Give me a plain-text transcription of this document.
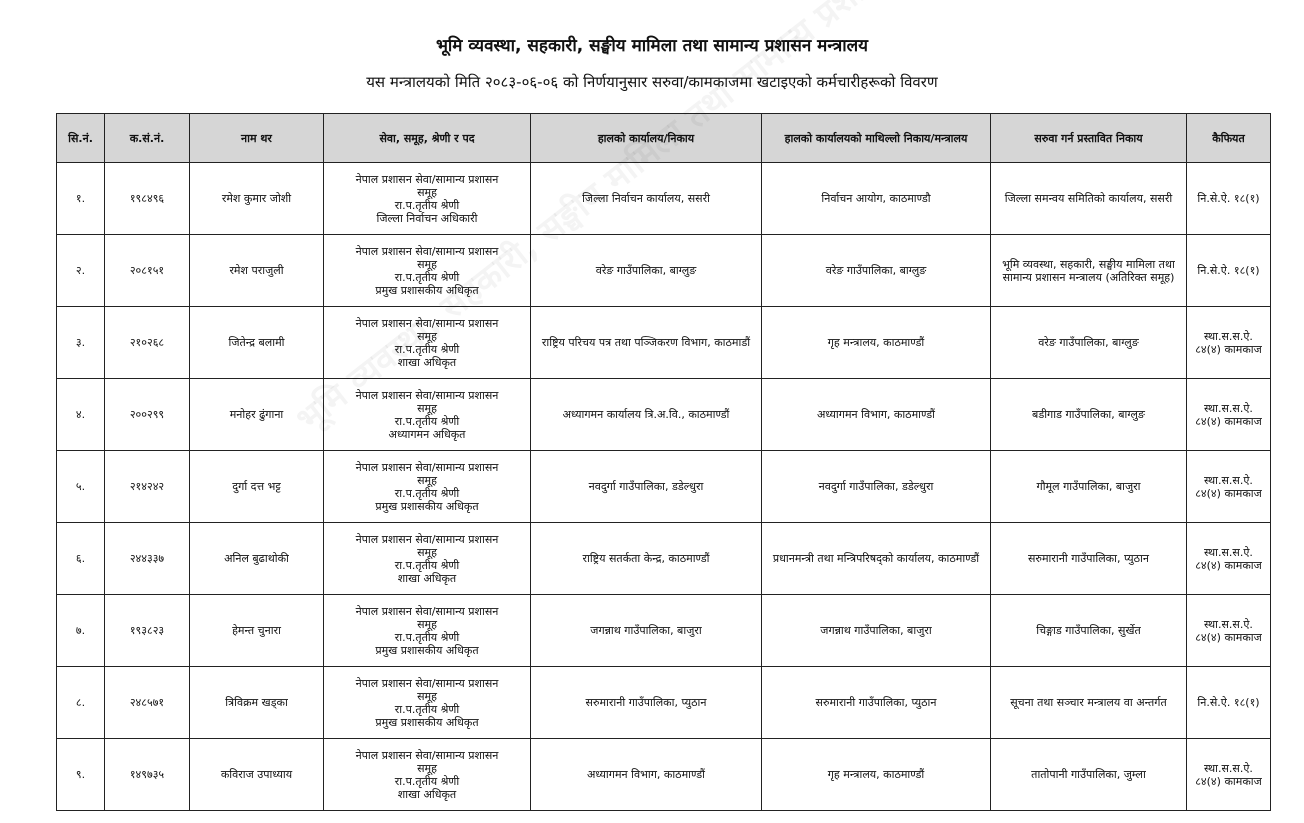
भूमि व्यवस्था, सहकारी, सङ्घीय मामिला तथा सामान्य प्रशासन मन्त्रालय
यस मन्त्रालयको मिति २०८३-०६-०६ को निर्णयानुसार सरुवा/कामकाजमा खटाइएको कर्मचारीहरूको विवरण
सि.नं.	क.सं.नं.	नाम थर	सेवा, समूह, श्रेणी र पद	हालको कार्यालय/निकाय	हालको कार्यालयको माथिल्लो निकाय/मन्त्रालय	सरुवा गर्न प्रस्तावित निकाय	कैफियत
१.	१९८४९६	रमेश कुमार जोशी	नेपाल प्रशासन सेवा/सामान्य प्रशासन
समूह
रा.प.तृतीय श्रेणी
जिल्ला निर्वाचन अधिकारी	जिल्ला निर्वाचन कार्यालय, ससरी	निर्वाचन आयोग, काठमाण्डौ	जिल्ला समन्वय समितिको कार्यालय, ससरी	नि.से.ऐ. १८(१)
२.	२०८१५१	रमेश पराजुली	नेपाल प्रशासन सेवा/सामान्य प्रशासन
समूह
रा.प.तृतीय श्रेणी
प्रमुख प्रशासकीय अधिकृत	वरेङ गाउँपालिका, बाग्लुङ	वरेङ गाउँपालिका, बाग्लुङ	भूमि व्यवस्था, सहकारी, सङ्घीय मामिला तथा सामान्य प्रशासन मन्त्रालय (अतिरिक्त समूह)	नि.से.ऐ. १८(१)
३.	२१०२६८	जितेन्द्र बलामी	नेपाल प्रशासन सेवा/सामान्य प्रशासन
समूह
रा.प.तृतीय श्रेणी
शाखा अधिकृत	राष्ट्रिय परिचय पत्र तथा पञ्जिकरण विभाग, काठमाडौं	गृह मन्त्रालय, काठमाण्डौं	वरेङ गाउँपालिका, बाग्लुङ	स्था.स.स.ऐ. ८४(४) कामकाज
४.	२००२९९	मनोहर ढुंगाना	नेपाल प्रशासन सेवा/सामान्य प्रशासन
समूह
रा.प.तृतीय श्रेणी
अध्यागमन अधिकृत	अध्यागमन कार्यालय त्रि.अ.वि., काठमाण्डौं	अध्यागमन विभाग, काठमाण्डौं	बडीगाड गाउँपालिका, बाग्लुङ	स्था.स.स.ऐ. ८४(४) कामकाज
५.	२१४२४२	दुर्गा दत्त भट्ट	नेपाल प्रशासन सेवा/सामान्य प्रशासन
समूह
रा.प.तृतीय श्रेणी
प्रमुख प्रशासकीय अधिकृत	नवदुर्गा गाउँपालिका, डडेल्धुरा	नवदुर्गा गाउँपालिका, डडेल्धुरा	गौमूल गाउँपालिका, बाजुरा	स्था.स.स.ऐ. ८४(४) कामकाज
६.	२४४३३७	अनिल बुढाथोकी	नेपाल प्रशासन सेवा/सामान्य प्रशासन
समूह
रा.प.तृतीय श्रेणी
शाखा अधिकृत	राष्ट्रिय सतर्कता केन्द्र, काठमाण्डौं	प्रधानमन्त्री तथा मन्त्रिपरिषद्को कार्यालय, काठमाण्डौं	सरुमारानी गाउँपालिका, प्युठान	स्था.स.स.ऐ. ८४(४) कामकाज
७.	१९३८२३	हेमन्त चुनारा	नेपाल प्रशासन सेवा/सामान्य प्रशासन
समूह
रा.प.तृतीय श्रेणी
प्रमुख प्रशासकीय अधिकृत	जगन्नाथ गाउँपालिका, बाजुरा	जगन्नाथ गाउँपालिका, बाजुरा	चिङ्गाड गाउँपालिका, सुर्खेत	स्था.स.स.ऐ. ८४(४) कामकाज
८.	२४८५७१	त्रिविक्रम खड्का	नेपाल प्रशासन सेवा/सामान्य प्रशासन
समूह
रा.प.तृतीय श्रेणी
प्रमुख प्रशासकीय अधिकृत	सरुमारानी गाउँपालिका, प्युठान	सरुमारानी गाउँपालिका, प्युठान	सूचना तथा सञ्चार मन्त्रालय वा अन्तर्गत	नि.से.ऐ. १८(१)
९.	१४९७३५	कविराज उपाध्याय	नेपाल प्रशासन सेवा/सामान्य प्रशासन
समूह
रा.प.तृतीय श्रेणी
शाखा अधिकृत	अध्यागमन विभाग, काठमाण्डौं	गृह मन्त्रालय, काठमाण्डौं	तातोपानी गाउँपालिका, जुम्ला	स्था.स.स.ऐ. ८४(४) कामकाज
